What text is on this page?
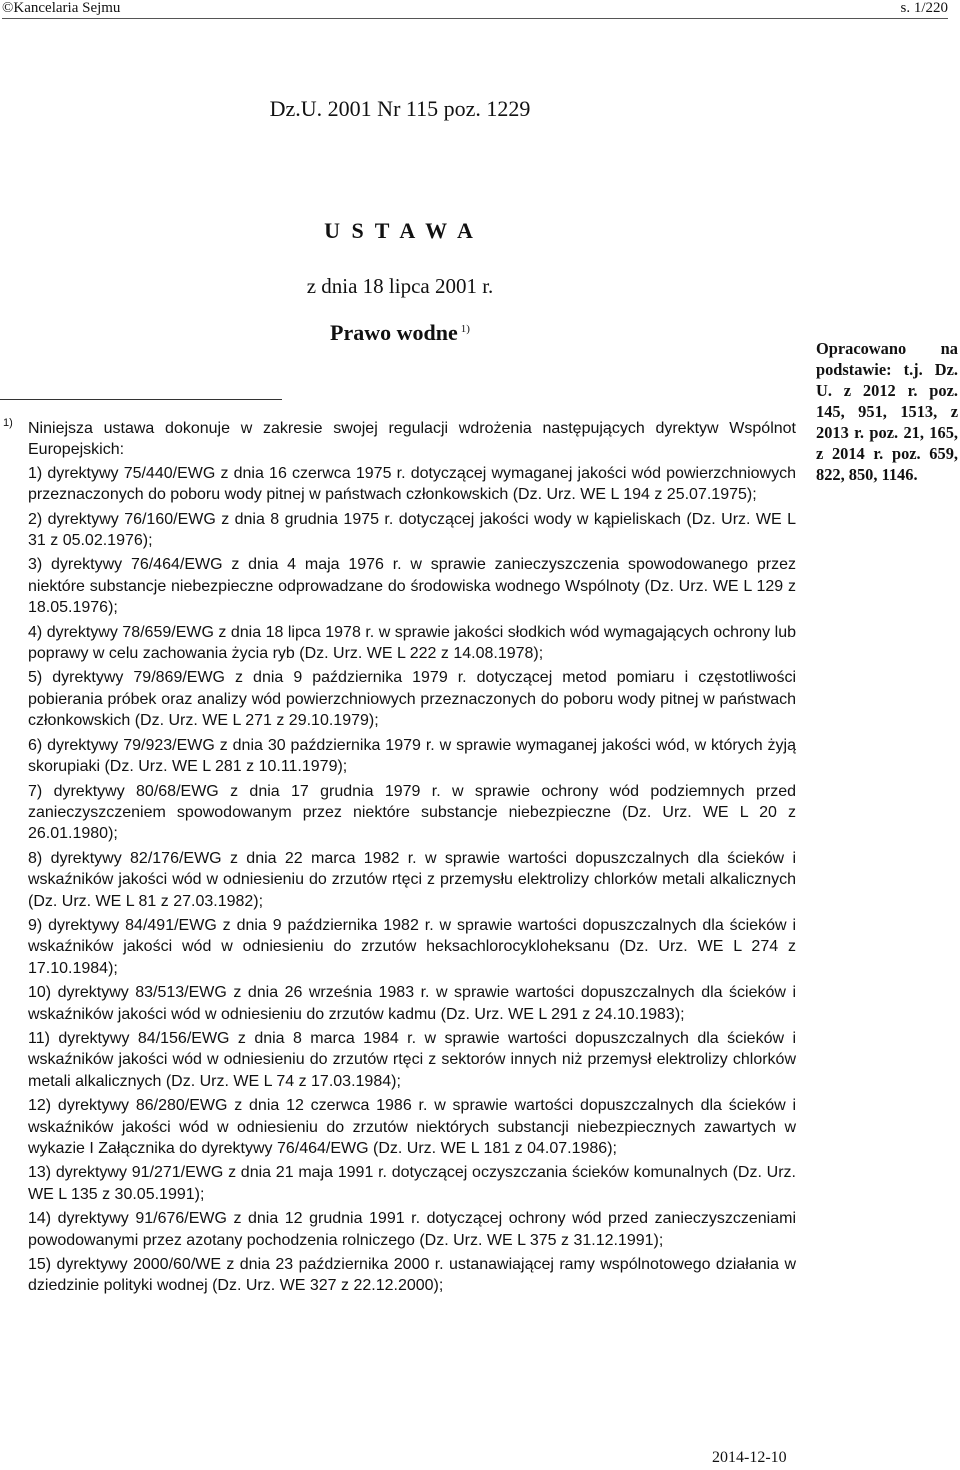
©Kancelaria Sejmu	s. 1/220
Dz.U. 2001 Nr 115 poz. 1229
U S T A W A
z dnia 18 lipca 2001 r.
Prawo wodne $^{1)}$
Opracowano na podstawie: t.j. Dz. U. z 2012 r. poz. 145, 951, 1513, z 2013 r. poz. 21, 165, z 2014 r. poz. 659, 822, 850, 1146.
1) Niniejsza ustawa dokonuje w zakresie swojej regulacji wdrożenia następujących dyrektyw Wspólnot Europejskich:
1) dyrektywy 75/440/EWG z dnia 16 czerwca 1975 r. dotyczącej wymaganej jakości wód powierzchniowych przeznaczonych do poboru wody pitnej w państwach członkowskich (Dz. Urz. WE L 194 z 25.07.1975);
2) dyrektywy 76/160/EWG z dnia 8 grudnia 1975 r. dotyczącej jakości wody w kąpieliskach (Dz. Urz. WE L 31 z 05.02.1976);
3) dyrektywy 76/464/EWG z dnia 4 maja 1976 r. w sprawie zanieczyszczenia spowodowanego przez niektóre substancje niebezpieczne odprowadzane do środowiska wodnego Wspólnoty (Dz. Urz. WE L 129 z 18.05.1976);
4) dyrektywy 78/659/EWG z dnia 18 lipca 1978 r. w sprawie jakości słodkich wód wymagających ochrony lub poprawy w celu zachowania życia ryb (Dz. Urz. WE L 222 z 14.08.1978);
5) dyrektywy 79/869/EWG z dnia 9 października 1979 r. dotyczącej metod pomiaru i częstotliwości pobierania próbek oraz analizy wód powierzchniowych przeznaczonych do poboru wody pitnej w państwach członkowskich (Dz. Urz. WE L 271 z 29.10.1979);
6) dyrektywy 79/923/EWG z dnia 30 października 1979 r. w sprawie wymaganej jakości wód, w których żyją skorupiaki (Dz. Urz. WE L 281 z 10.11.1979);
7) dyrektywy 80/68/EWG z dnia 17 grudnia 1979 r. w sprawie ochrony wód podziemnych przed zanieczyszczeniem spowodowanym przez niektóre substancje niebezpieczne (Dz. Urz. WE L 20 z 26.01.1980);
8) dyrektywy 82/176/EWG z dnia 22 marca 1982 r. w sprawie wartości dopuszczalnych dla ścieków i wskaźników jakości wód w odniesieniu do zrzutów rtęci z przemysłu elektrolizy chlorków metali alkalicznych (Dz. Urz. WE L 81 z 27.03.1982);
9) dyrektywy 84/491/EWG z dnia 9 października 1982 r. w sprawie wartości dopuszczalnych dla ścieków i wskaźników jakości wód w odniesieniu do zrzutów heksachlorocykloheksanu (Dz. Urz. WE L 274 z 17.10.1984);
10) dyrektywy 83/513/EWG z dnia 26 września 1983 r. w sprawie wartości dopuszczalnych dla ścieków i wskaźników jakości wód w odniesieniu do zrzutów kadmu (Dz. Urz. WE L 291 z 24.10.1983);
11) dyrektywy 84/156/EWG z dnia 8 marca 1984 r. w sprawie wartości dopuszczalnych dla ścieków i wskaźników jakości wód w odniesieniu do zrzutów rtęci z sektorów innych niż przemysł elektrolizy chlorków metali alkalicznych (Dz. Urz. WE L 74 z 17.03.1984);
12) dyrektywy 86/280/EWG z dnia 12 czerwca 1986 r. w sprawie wartości dopuszczalnych dla ścieków i wskaźników jakości wód w odniesieniu do zrzutów niektórych substancji niebezpiecznych zawartych w wykazie I Załącznika do dyrektywy 76/464/EWG (Dz. Urz. WE L 181 z 04.07.1986);
13) dyrektywy 91/271/EWG z dnia 21 maja 1991 r. dotyczącej oczyszczania ścieków komunalnych (Dz. Urz. WE L 135 z 30.05.1991);
14) dyrektywy 91/676/EWG z dnia 12 grudnia 1991 r. dotyczącej ochrony wód przed zanieczyszczeniami powodowanymi przez azotany pochodzenia rolniczego (Dz. Urz. WE L 375 z 31.12.1991);
15) dyrektywy 2000/60/WE z dnia 23 października 2000 r. ustanawiającej ramy wspólnotowego działania w dziedzinie polityki wodnej (Dz. Urz. WE 327 z 22.12.2000);
2014-12-10
